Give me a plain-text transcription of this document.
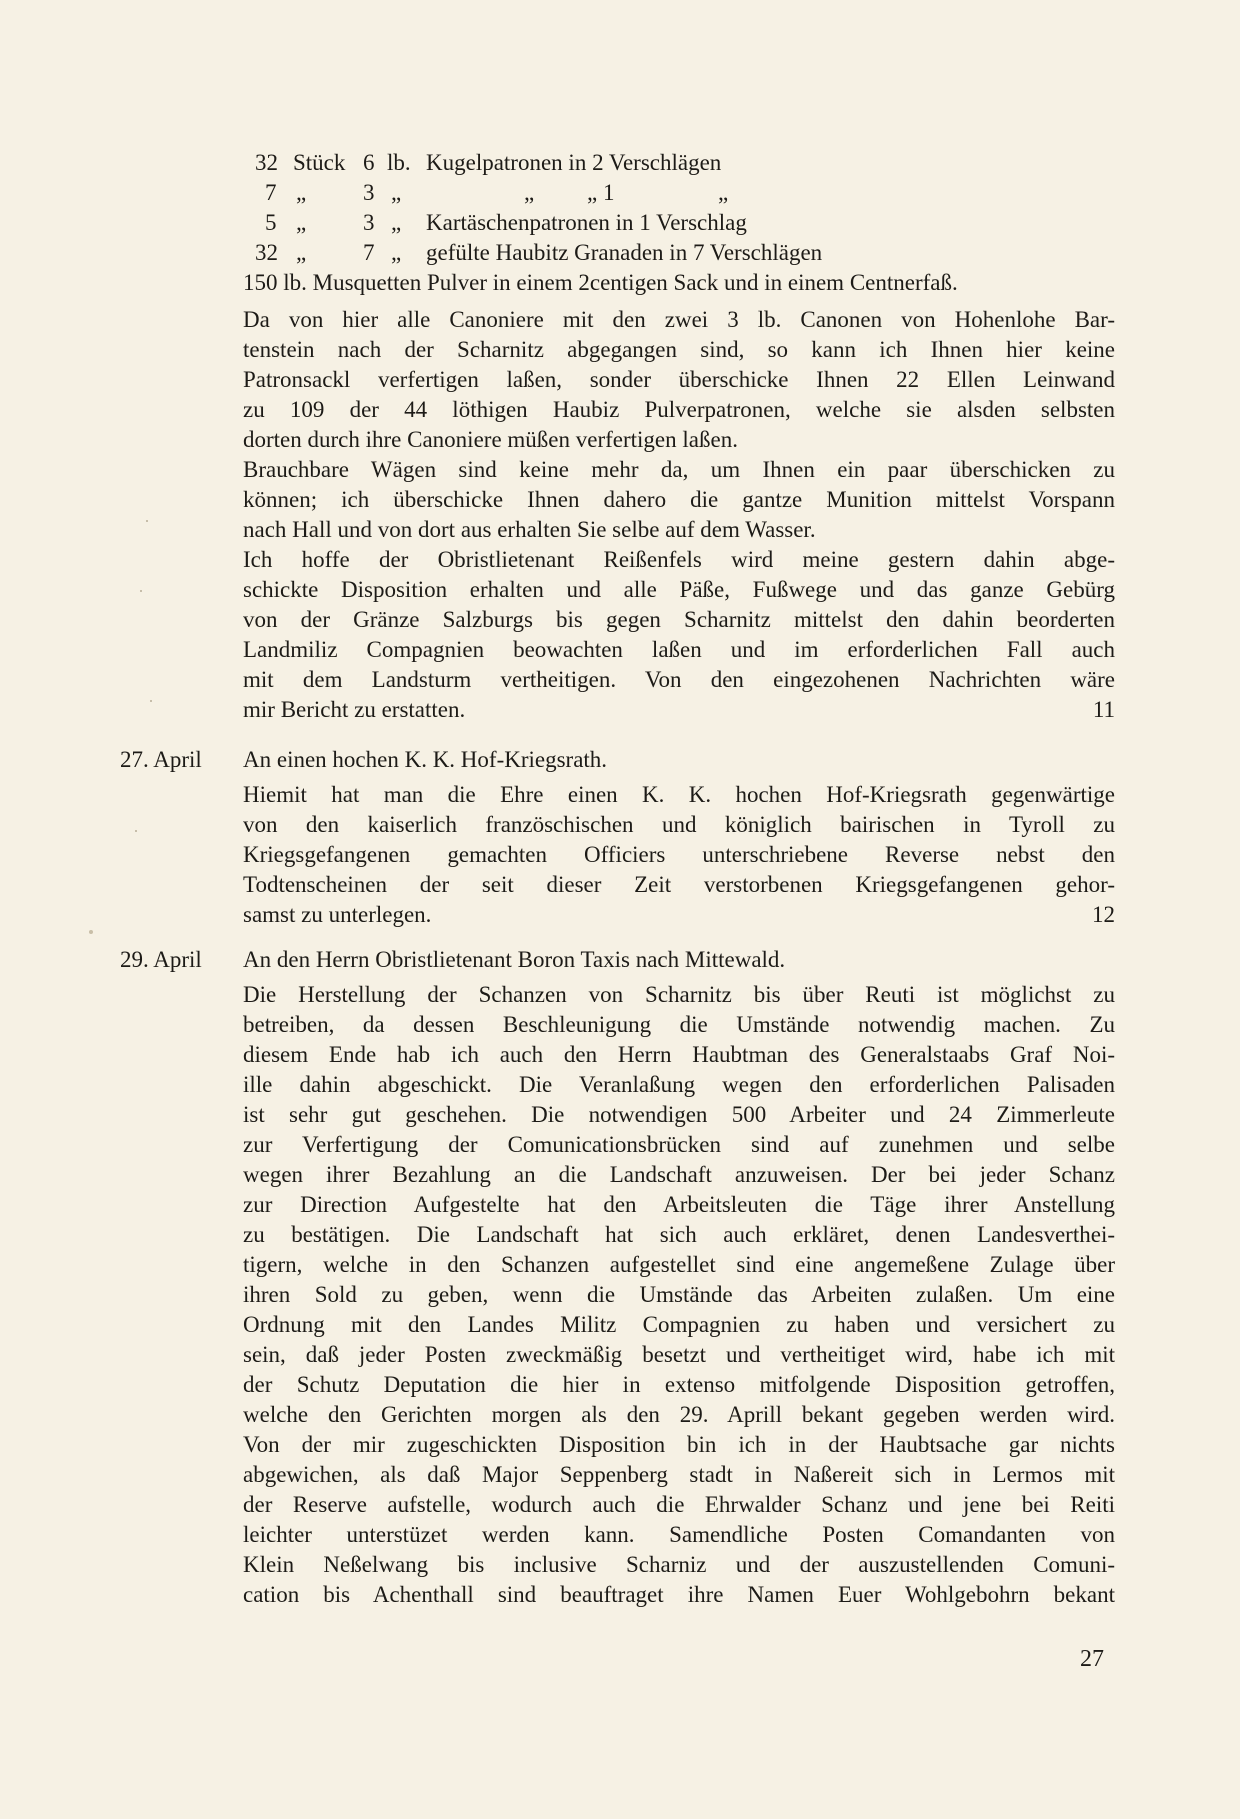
32 Stück 6 lb. Kugelpatronen in 2 Verschlägen
7 „ 3 „	„ „ 1	„
5 „ 3 „ Kartäschenpatronen in 1 Verschlag
32 „ 7 „ gefülte Haubitz Granaden in 7 Verschlägen
150 lb. Musquetten Pulver in einem 2centigen Sack und in einem Centnerfaß.
Da von hier alle Canoniere mit den zwei 3 lb. Canonen von Hohenlohe Bar-
tenstein nach der Scharnitz abgegangen sind, so kann ich Ihnen hier keine
Patronsackl verfertigen laßen, sonder überschicke Ihnen 22 Ellen Leinwand
zu 109 der 44 löthigen Haubiz Pulverpatronen, welche sie alsden selbsten
dorten durch ihre Canoniere müßen verfertigen laßen.
Brauchbare Wägen sind keine mehr da, um Ihnen ein paar überschicken zu
können; ich überschicke Ihnen dahero die gantze Munition mittelst Vorspann
nach Hall und von dort aus erhalten Sie selbe auf dem Wasser.
Ich hoffe der Obristlietenant Reißenfels wird meine gestern dahin abge-
schickte Disposition erhalten und alle Päße, Fußwege und das ganze Gebürg
von der Gränze Salzburgs bis gegen Scharnitz mittelst den dahin beorderten
Landmiliz Compagnien beowachten laßen und im erforderlichen Fall auch
mit dem Landsturm vertheitigen. Von den eingezohenen Nachrichten wäre
mir Bericht zu erstatten.	11
27. April An einen hochen K. K. Hof-Kriegsrath.
Hiemit hat man die Ehre einen K. K. hochen Hof-Kriegsrath gegenwärtige
von den kaiserlich französchischen und königlich bairischen in Tyroll zu
Kriegsgefangenen gemachten Officiers unterschriebene Reverse nebst den
Todtenscheinen der seit dieser Zeit verstorbenen Kriegsgefangenen gehor-
samst zu unterlegen.	12
29. April An den Herrn Obristlietenant Boron Taxis nach Mittewald.
Die Herstellung der Schanzen von Scharnitz bis über Reuti ist möglichst zu
betreiben, da dessen Beschleunigung die Umstände notwendig machen. Zu
diesem Ende hab ich auch den Herrn Haubtman des Generalstaabs Graf Noi-
ille dahin abgeschickt. Die Veranlaßung wegen den erforderlichen Palisaden
ist sehr gut geschehen. Die notwendigen 500 Arbeiter und 24 Zimmerleute
zur Verfertigung der Comunicationsbrücken sind auf zunehmen und selbe
wegen ihrer Bezahlung an die Landschaft anzuweisen. Der bei jeder Schanz
zur Direction Aufgestelte hat den Arbeitsleuten die Täge ihrer Anstellung
zu bestätigen. Die Landschaft hat sich auch erkläret, denen Landesverthei-
tigern, welche in den Schanzen aufgestellet sind eine angemeßene Zulage über
ihren Sold zu geben, wenn die Umstände das Arbeiten zulaßen. Um eine
Ordnung mit den Landes Militz Compagnien zu haben und versichert zu
sein, daß jeder Posten zweckmäßig besetzt und vertheitiget wird, habe ich mit
der Schutz Deputation die hier in extenso mitfolgende Disposition getroffen,
welche den Gerichten morgen als den 29. Aprill bekant gegeben werden wird.
Von der mir zugeschickten Disposition bin ich in der Haubtsache gar nichts
abgewichen, als daß Major Seppenberg stadt in Naßereit sich in Lermos mit
der Reserve aufstelle, wodurch auch die Ehrwalder Schanz und jene bei Reiti
leichter unterstüzet werden kann. Samendliche Posten Comandanten von
Klein Neßelwang bis inclusive Scharniz und der auszustellenden Comuni-
cation bis Achenthall sind beauftraget ihre Namen Euer Wohlgebohrn bekant
27
